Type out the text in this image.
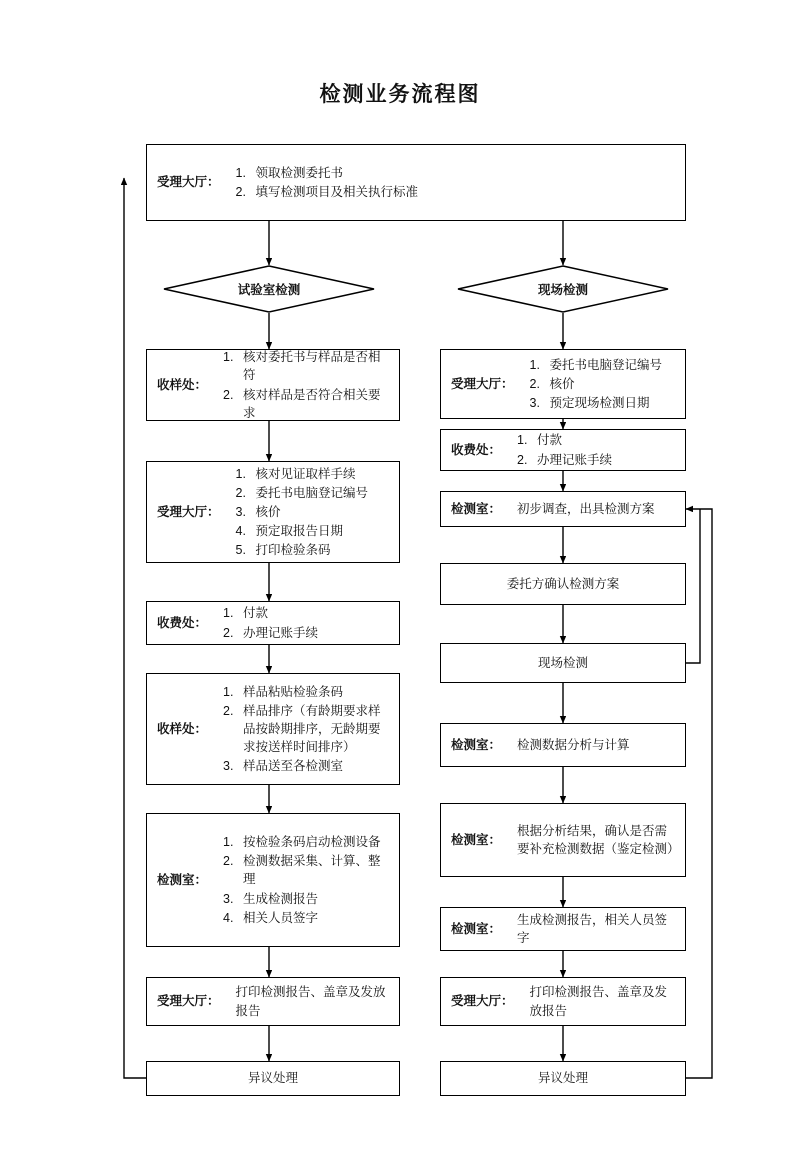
检测业务流程图
受理大厅：
1. 领取检测委托书
2. 填写检测项目及相关执行标准
试验室检测	现场检测
收样处：
1. 核对委托书与样品是否相符
2. 核对样品是否符合相关要求
受理大厅：
1. 核对见证取样手续
2. 委托书电脑登记编号
3. 核价
4. 预定取报告日期
5. 打印检验条码
收费处：
1. 付款
2. 办理记账手续
收样处：
1. 样品粘贴检验条码
2. 样品排序（有龄期要求样品按龄期排序，无龄期要求按送样时间排序）
3. 样品送至各检测室
检测室：
1. 按检验条码启动检测设备
2. 检测数据采集、计算、整理
3. 生成检测报告
4. 相关人员签字
受理大厅：
打印检测报告、盖章及发放报告
异议处理
受理大厅：
1. 委托书电脑登记编号
2. 核价
3. 预定现场检测日期
收费处：
1. 付款
2. 办理记账手续
检测室：	初步调查，出具检测方案
委托方确认检测方案
现场检测
检测室：	检测数据分析与计算
检测室：
根据分析结果，确认是否需要补充检测数据（鉴定检测）
检测室：
生成检测报告，相关人员签字
受理大厅：
打印检测报告、盖章及发放报告
异议处理
